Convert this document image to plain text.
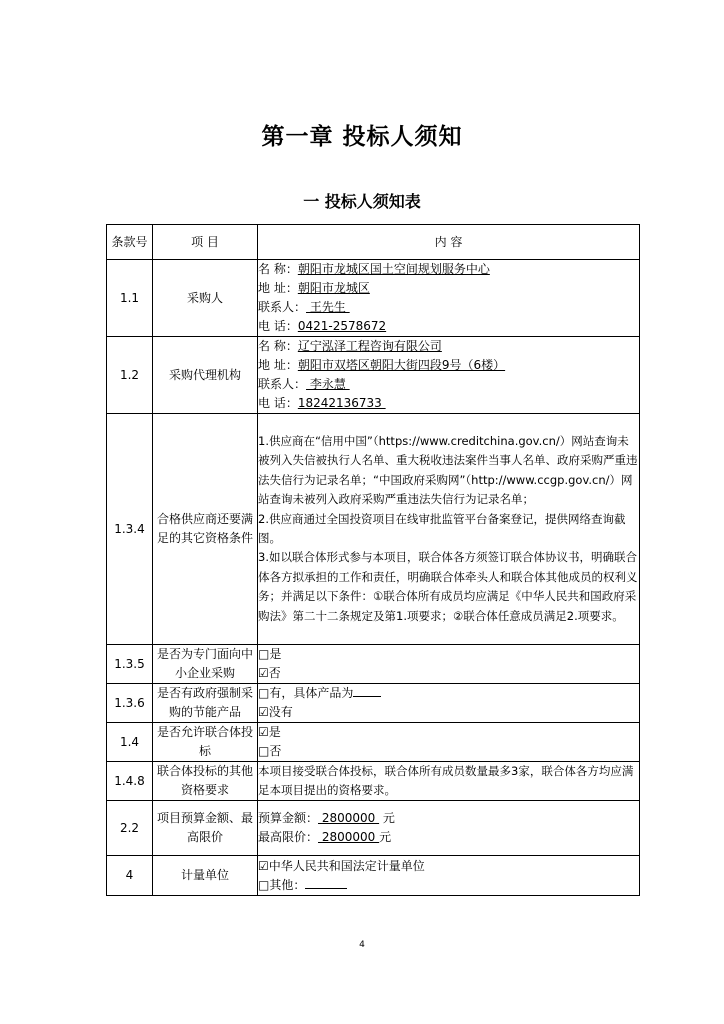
第一章 投标人须知
一 投标人须知表
条款号	项 目	内 容
1.1	采购人	名 称：朝阳市龙城区国土空间规划服务中心
地 址：朝阳市龙城区
联系人： 王先生
电 话：0421-2578672

1.2	采购代理机构	名 称：辽宁泓泽工程咨询有限公司
地 址：朝阳市双塔区朝阳大街四段9号（6楼）
联系人： 李永慧
电 话：18242136733

1.3.4	合格供应商还要满足的其它资格条件	1.供应商在“信用中国”（https://www.creditchina.gov.cn/）网站查询未被列入失信被执行人名单、重大税收违法案件当事人名单、政府采购严重违法失信行为记录名单；“中国政府采购网”（http://www.ccgp.gov.cn/）网站查询未被列入政府采购严重违法失信行为记录名单；
2.供应商通过全国投资项目在线审批监管平台备案登记，提供网络查询截图。
3.如以联合体形式参与本项目，联合体各方须签订联合体协议书，明确联合体各方拟承担的工作和责任，明确联合体牵头人和联合体其他成员的权利义务；并满足以下条件：①联合体所有成员均应满足《中华人民共和国政府采购法》第二十二条规定及第1.项要求；②联合体任意成员满足2.项要求。

1.3.5	是否为专门面向中小企业采购	□是
☑否

1.3.6	是否有政府强制采购的节能产品	□有，具体产品为
☑没有

1.4	是否允许联合体投标	☑是
□否

1.4.8	联合体投标的其他资格要求	本项目接受联合体投标，联合体所有成员数量最多3家，联合体各方均应满足本项目提出的资格要求。
2.2	项目预算金额、最高限价	预算金额： 2800000  元
最高限价： 2800000 元

4	计量单位	☑中华人民共和国法定计量单位
□其他：
4
